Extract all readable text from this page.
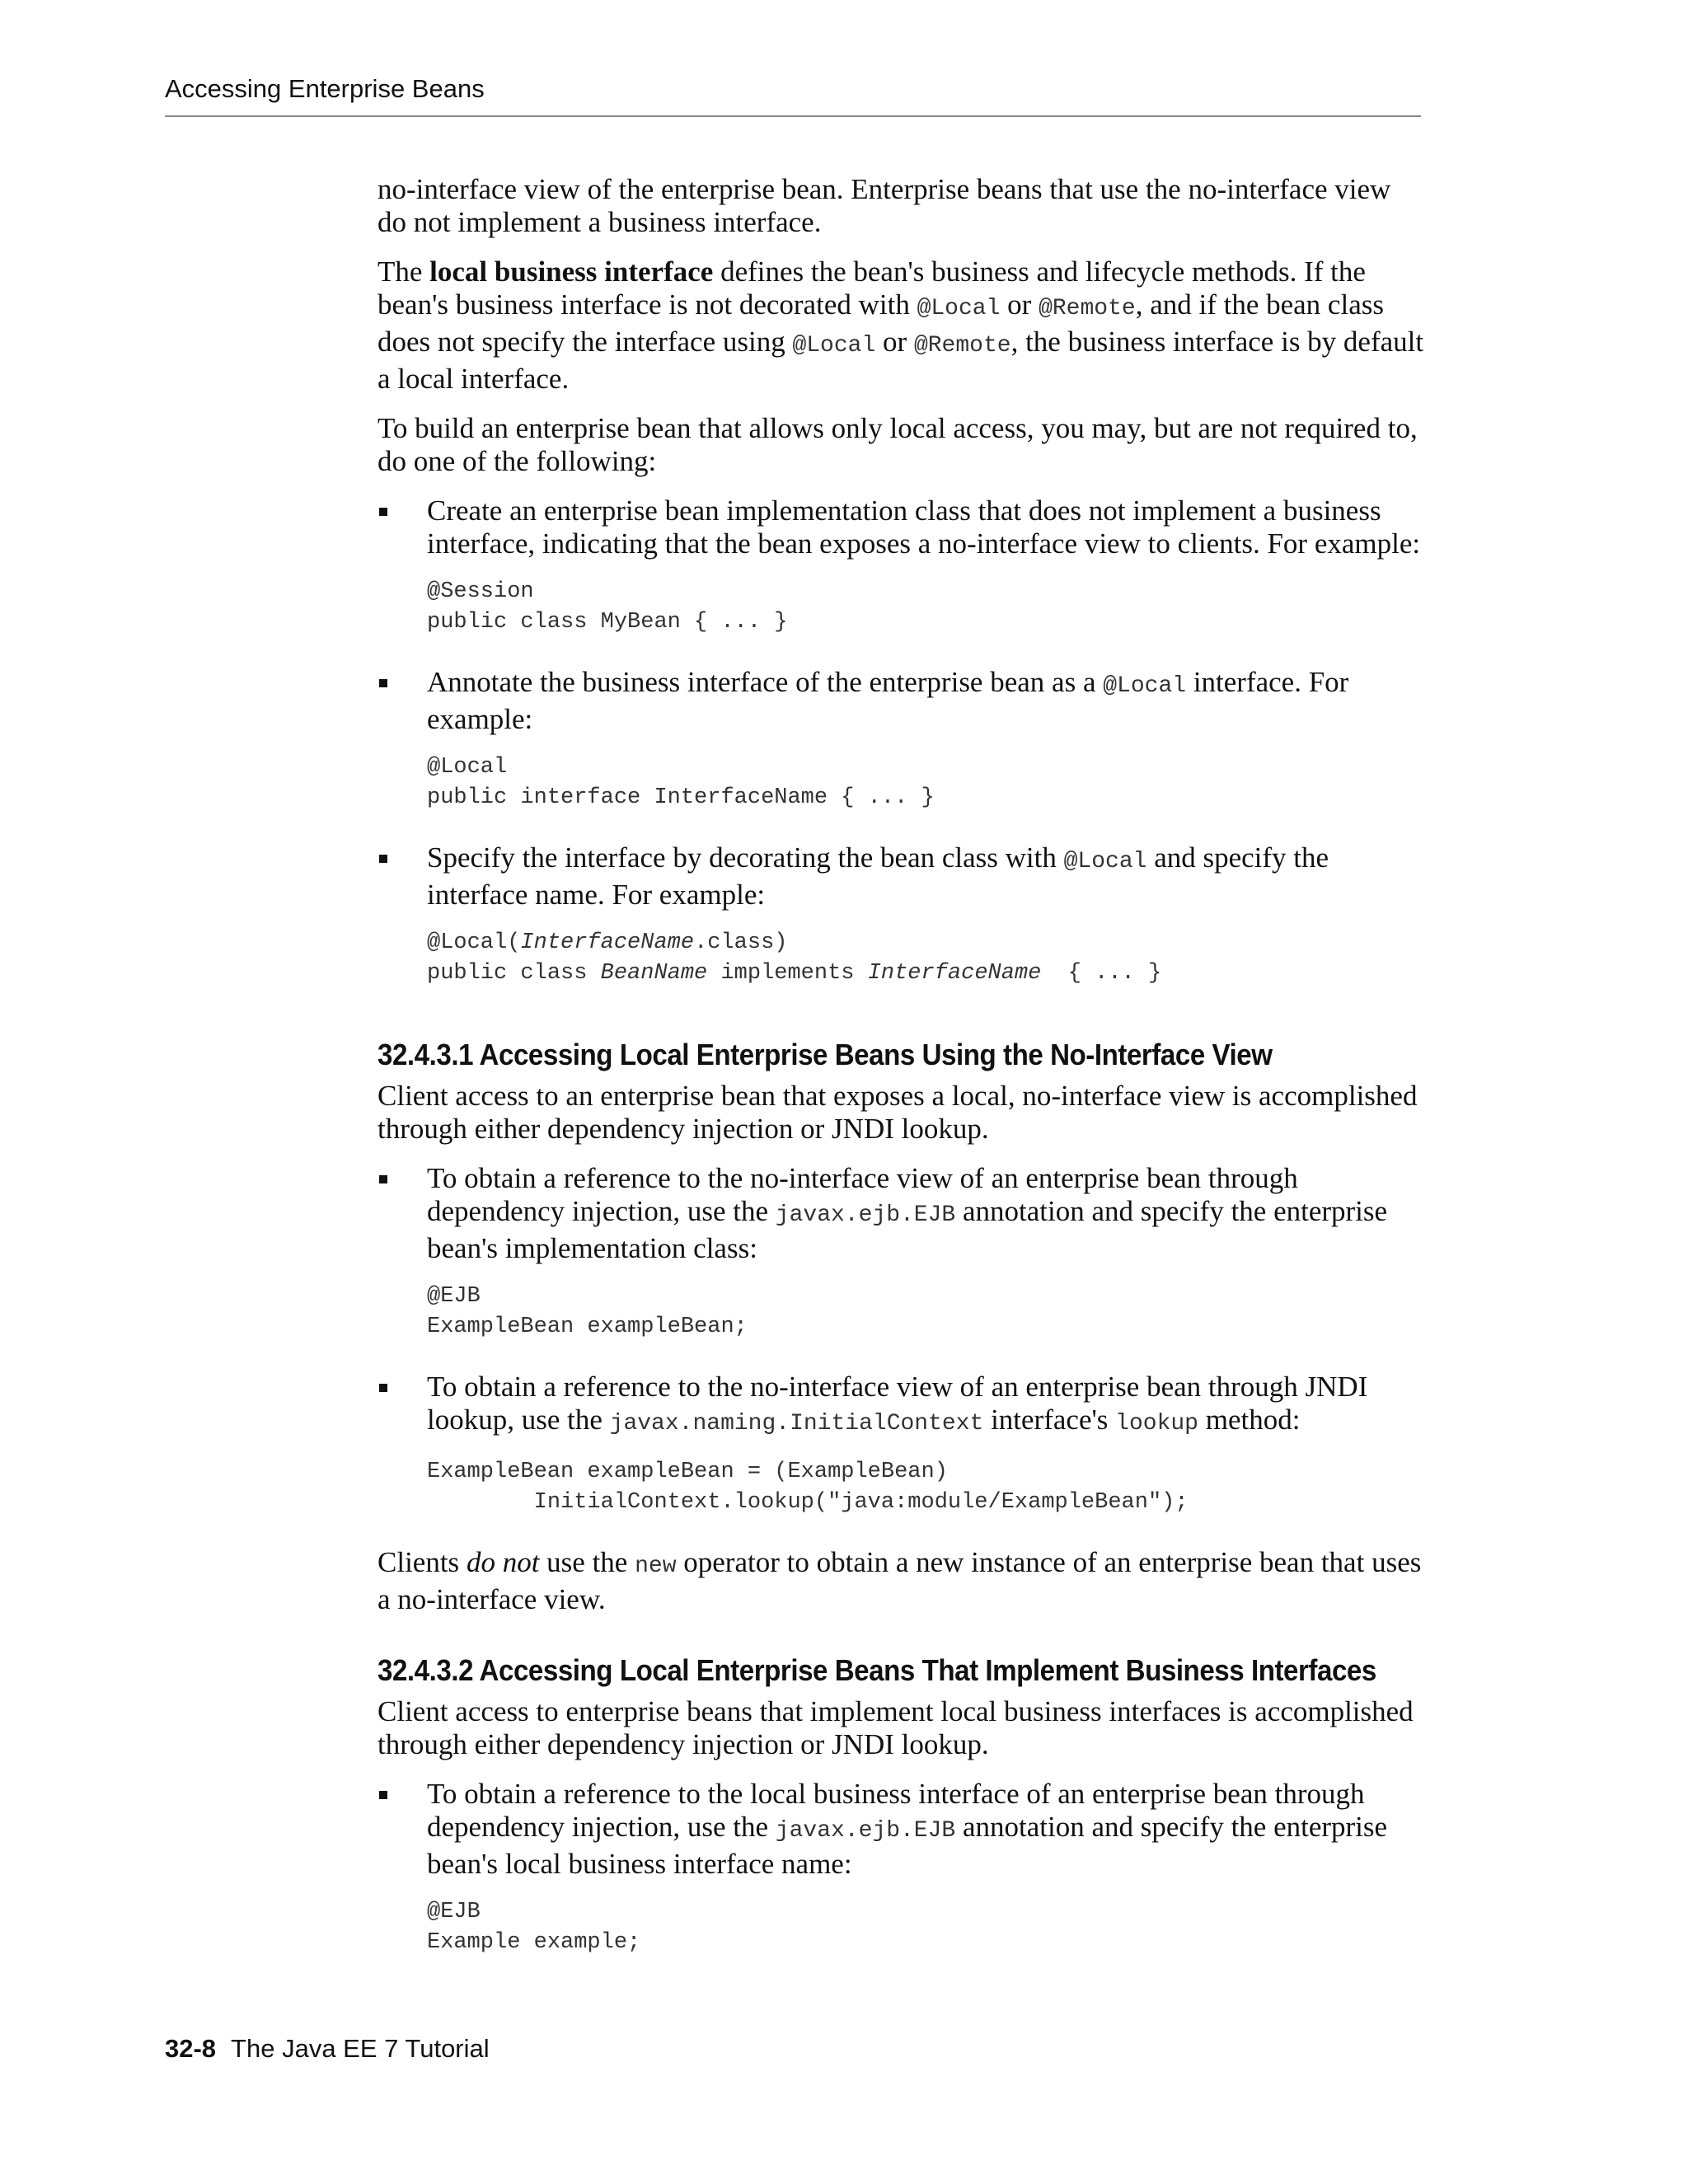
Accessing Enterprise Beans

no-interface view of the enterprise bean. Enterprise beans that use the no-interface view do not implement a business interface.

The local business interface defines the bean's business and lifecycle methods. If the bean's business interface is not decorated with @Local or @Remote, and if the bean class does not specify the interface using @Local or @Remote, the business interface is by default a local interface.

To build an enterprise bean that allows only local access, you may, but are not required to, do one of the following:

Create an enterprise bean implementation class that does not implement a business interface, indicating that the bean exposes a no-interface view to clients. For example:

@Session
public class MyBean { ... }

Annotate the business interface of the enterprise bean as a @Local interface. For example:

@Local
public interface InterfaceName { ... }

Specify the interface by decorating the bean class with @Local and specify the interface name. For example:

@Local(InterfaceName.class)
public class BeanName implements InterfaceName  { ... }
32.4.3.1 Accessing Local Enterprise Beans Using the No-Interface View

Client access to an enterprise bean that exposes a local, no-interface view is accomplished through either dependency injection or JNDI lookup.

To obtain a reference to the no-interface view of an enterprise bean through dependency injection, use the javax.ejb.EJB annotation and specify the enterprise bean's implementation class:

@EJB
ExampleBean exampleBean;

To obtain a reference to the no-interface view of an enterprise bean through JNDI lookup, use the javax.naming.InitialContext interface's lookup method:

ExampleBean exampleBean = (ExampleBean)
InitialContext.lookup("java:module/ExampleBean");

Clients do not use the new operator to obtain a new instance of an enterprise bean that uses a no-interface view.

32.4.3.2 Accessing Local Enterprise Beans That Implement Business Interfaces

Client access to enterprise beans that implement local business interfaces is accomplished through either dependency injection or JNDI lookup.

To obtain a reference to the local business interface of an enterprise bean through dependency injection, use the javax.ejb.EJB annotation and specify the enterprise bean's local business interface name:

@EJB
Example example;
32-8 The Java EE 7 Tutorial
